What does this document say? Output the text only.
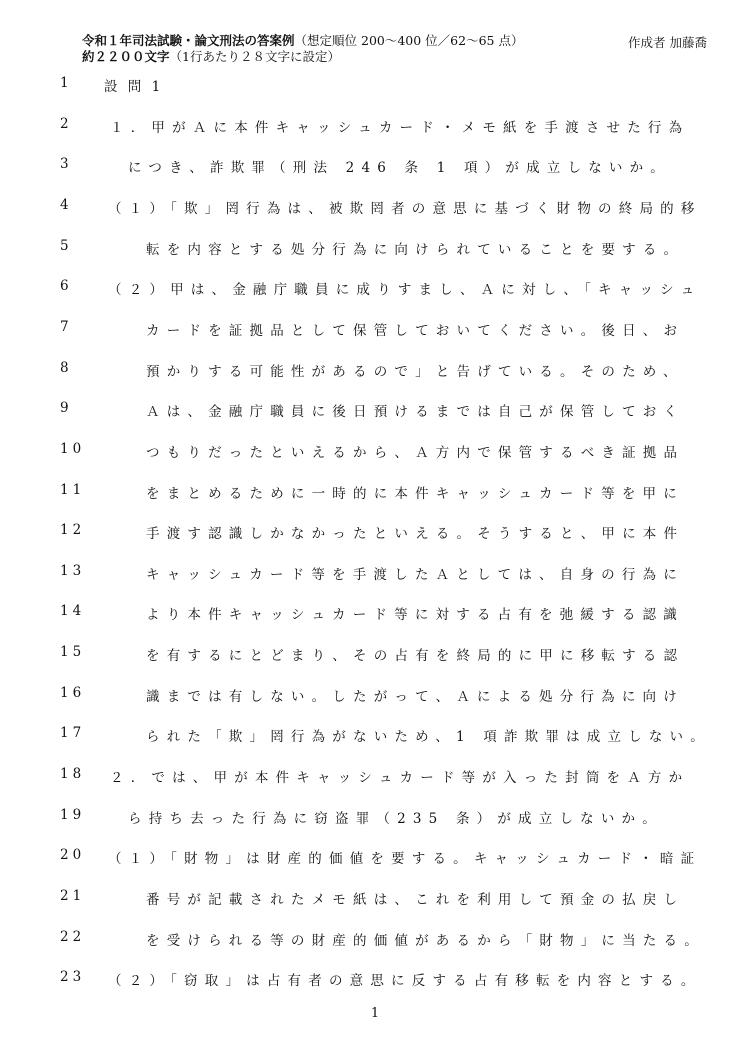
令和１年司法試験・論文刑法の答案例（想定順位 200〜400 位／62〜65 点）	作成者 加藤喬
約２２００文字（1行あたり２８文字に設定）
1	設 問 1
2	１．甲がＡに本件キャッシュカード・メモ紙を手渡させた行為
3	につき、詐欺罪（刑法 246 条 1 項）が成立しないか。
4	（１）「欺」罔行為は、被欺罔者の意思に基づく財物の終局的移
5	転を内容とする処分行為に向けられていることを要する。
6	（２）甲は、金融庁職員に成りすまし、Ａに対し、「キャッシュ
7	カードを証拠品として保管しておいてください。後日、お
8	預かりする可能性があるので」と告げている。そのため、
9	Ａは、金融庁職員に後日預けるまでは自己が保管しておく
10	つもりだったといえるから、Ａ方内で保管するべき証拠品
11	をまとめるために一時的に本件キャッシュカード等を甲に
12	手渡す認識しかなかったといえる。そうすると、甲に本件
13	キャッシュカード等を手渡したＡとしては、自身の行為に
14	より本件キャッシュカード等に対する占有を弛緩する認識
15	を有するにとどまり、その占有を終局的に甲に移転する認
16	識までは有しない。したがって、Ａによる処分行為に向け
17	られた「欺」罔行為がないため、1 項詐欺罪は成立しない。
18	２．では、甲が本件キャッシュカード等が入った封筒をＡ方か
19	ら持ち去った行為に窃盗罪（235 条）が成立しないか。
20	（１）「財物」は財産的価値を要する。キャッシュカード・暗証
21	番号が記載されたメモ紙は、これを利用して預金の払戻し
22	を受けられる等の財産的価値があるから「財物」に当たる。
23	（２）「窃取」は占有者の意思に反する占有移転を内容とする。
1
